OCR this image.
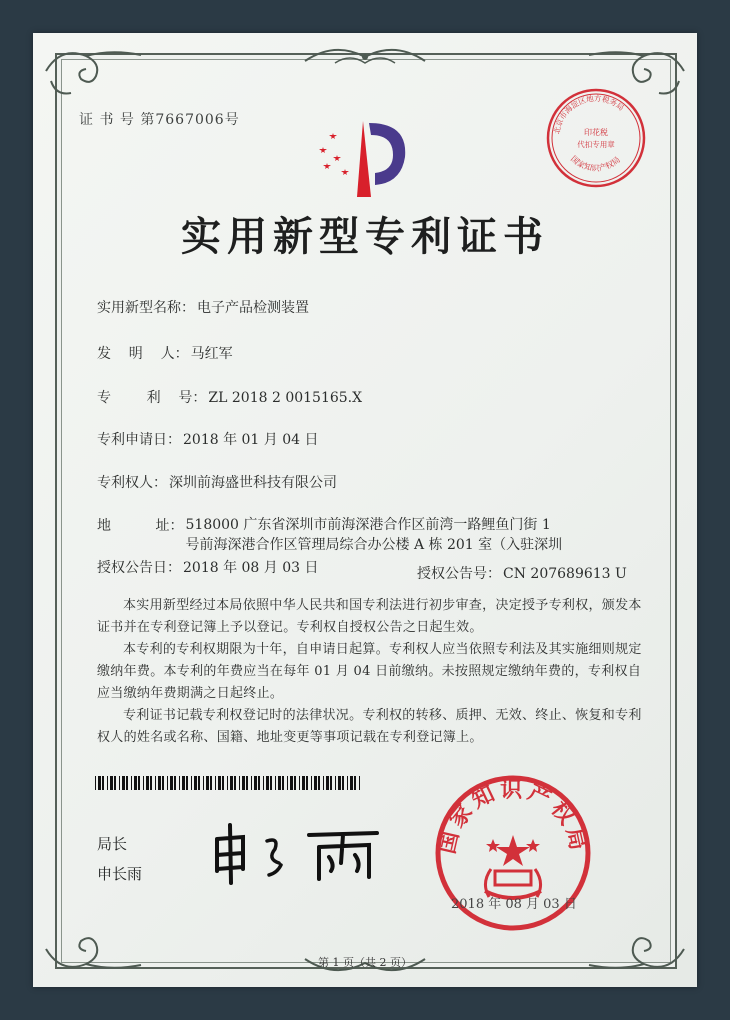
证 书 号 第7667006号
北京市海淀区地方税务局
印花税
代扣专用章
国家知识产权局
实用新型专利证书
实用新型名称： 电子产品检测装置
发    明    人： 马红军
专        利    号： ZL 2018 2 0015165.X
专利申请日： 2018 年 01 月 04 日
专利权人： 深圳前海盛世科技有限公司
地          址： 518000 广东省深圳市前海深港合作区前湾一路鲤鱼门街 1
号前海深港合作区管理局综合办公楼 A 栋 201 室（入驻深圳
授权公告日： 2018 年 08 月 03 日	授权公告号： CN 207689613 U
本实用新型经过本局依照中华人民共和国专利法进行初步审查，决定授予专利权，颁发本证书并在专利登记簿上予以登记。专利权自授权公告之日起生效。
本专利的专利权期限为十年，自申请日起算。专利权人应当依照专利法及其实施细则规定缴纳年费。本专利的年费应当在每年 01 月 04 日前缴纳。未按照规定缴纳年费的，专利权自应当缴纳年费期满之日起终止。
专利证书记载专利权登记时的法律状况。专利权的转移、质押、无效、终止、恢复和专利权人的姓名或名称、国籍、地址变更等事项记载在专利登记簿上。
局长
申长雨
国家知识产权局
2018 年 08 月 03 日
第 1 页（共 2 页）
